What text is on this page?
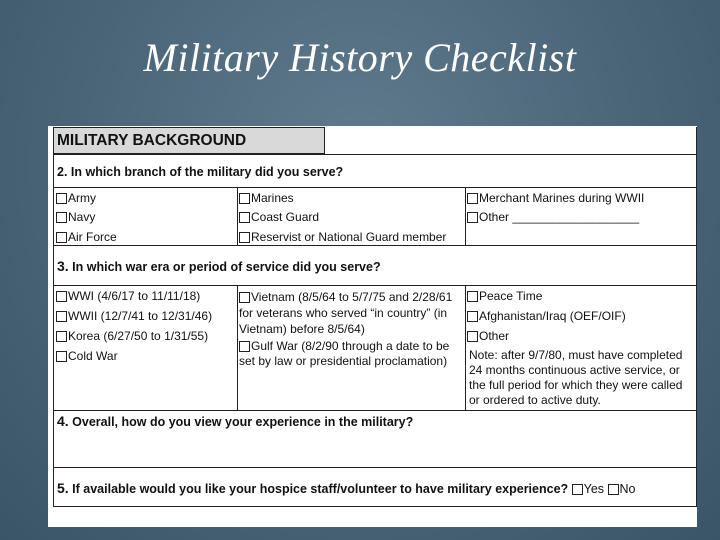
Military History Checklist
MILITARY BACKGROUND
2. In which branch of the military did you serve?
Army
Navy
Air Force
Marines
Coast Guard
Reservist or National Guard member
Merchant Marines during WWII
Other ___________________
3. In which war era or period of service did you serve?
WWI (4/6/17 to 11/11/18)
WWII (12/7/41 to 12/31/46)
Korea (6/27/50 to 1/31/55)
Cold War
Vietnam (8/5/64 to 5/7/75 and 2/28/61 for veterans who served “in country” (in Vietnam) before 8/5/64)
Gulf War (8/2/90 through a date to be set by law or presidential proclamation)
Peace Time
Afghanistan/Iraq (OEF/OIF)
Other
Note: after 9/7/80, must have completed 24 months continuous active service, or the full period for which they were called or ordered to active duty.
4. Overall, how do you view your experience in the military?
5. If available would you like your hospice staff/volunteer to have military experience? Yes No
